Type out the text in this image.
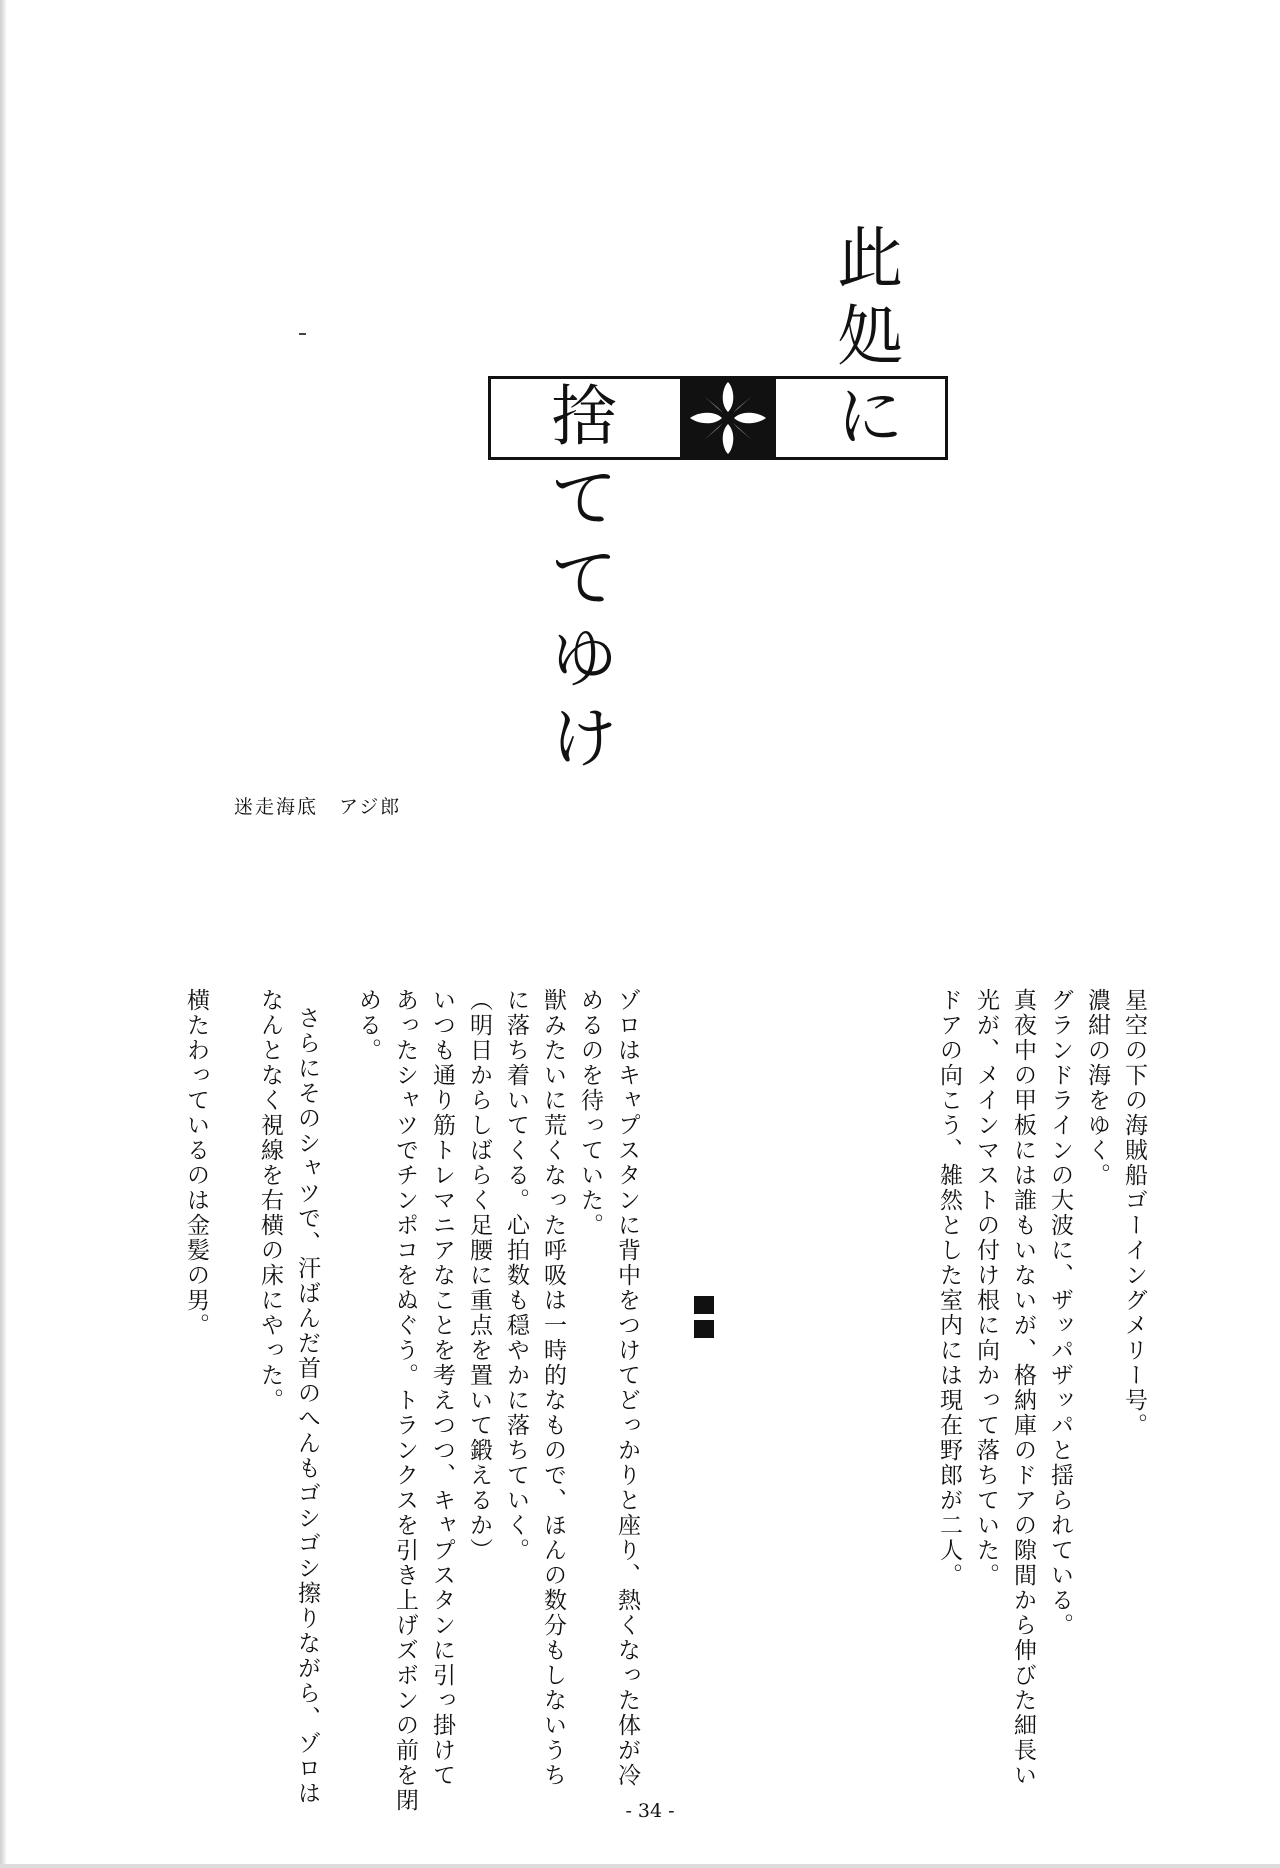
此
処
に
捨
て
て
ゆ
け
迷走海底　アジ郎
星空の下の海賊船ゴーイングメリー号。
濃紺の海をゆく。
グランドラインの大波に、ザッパザッパと揺られている。
真夜中の甲板には誰もいないが、格納庫のドアの隙間から伸びた細長い
光が、メインマストの付け根に向かって落ちていた。
ドアの向こう、雑然とした室内には現在野郎が二人。
ゾロはキャプスタンに背中をつけてどっかりと座り、熱くなった体が冷
めるのを待っていた。
獣みたいに荒くなった呼吸は一時的なもので、ほんの数分もしないうち
に落ち着いてくる。心拍数も穏やかに落ちていく。
（明日からしばらく足腰に重点を置いて鍛えるか）
いつも通り筋トレマニアなことを考えつつ、キャプスタンに引っ掛けて
あったシャツでチンポコをぬぐう。トランクスを引き上げズボンの前を閉
める。
さらにそのシャツで、汗ばんだ首のへんもゴシゴシ擦りながら、ゾロは
なんとなく視線を右横の床にやった。
横たわっているのは金髪の男。
- 34 -
